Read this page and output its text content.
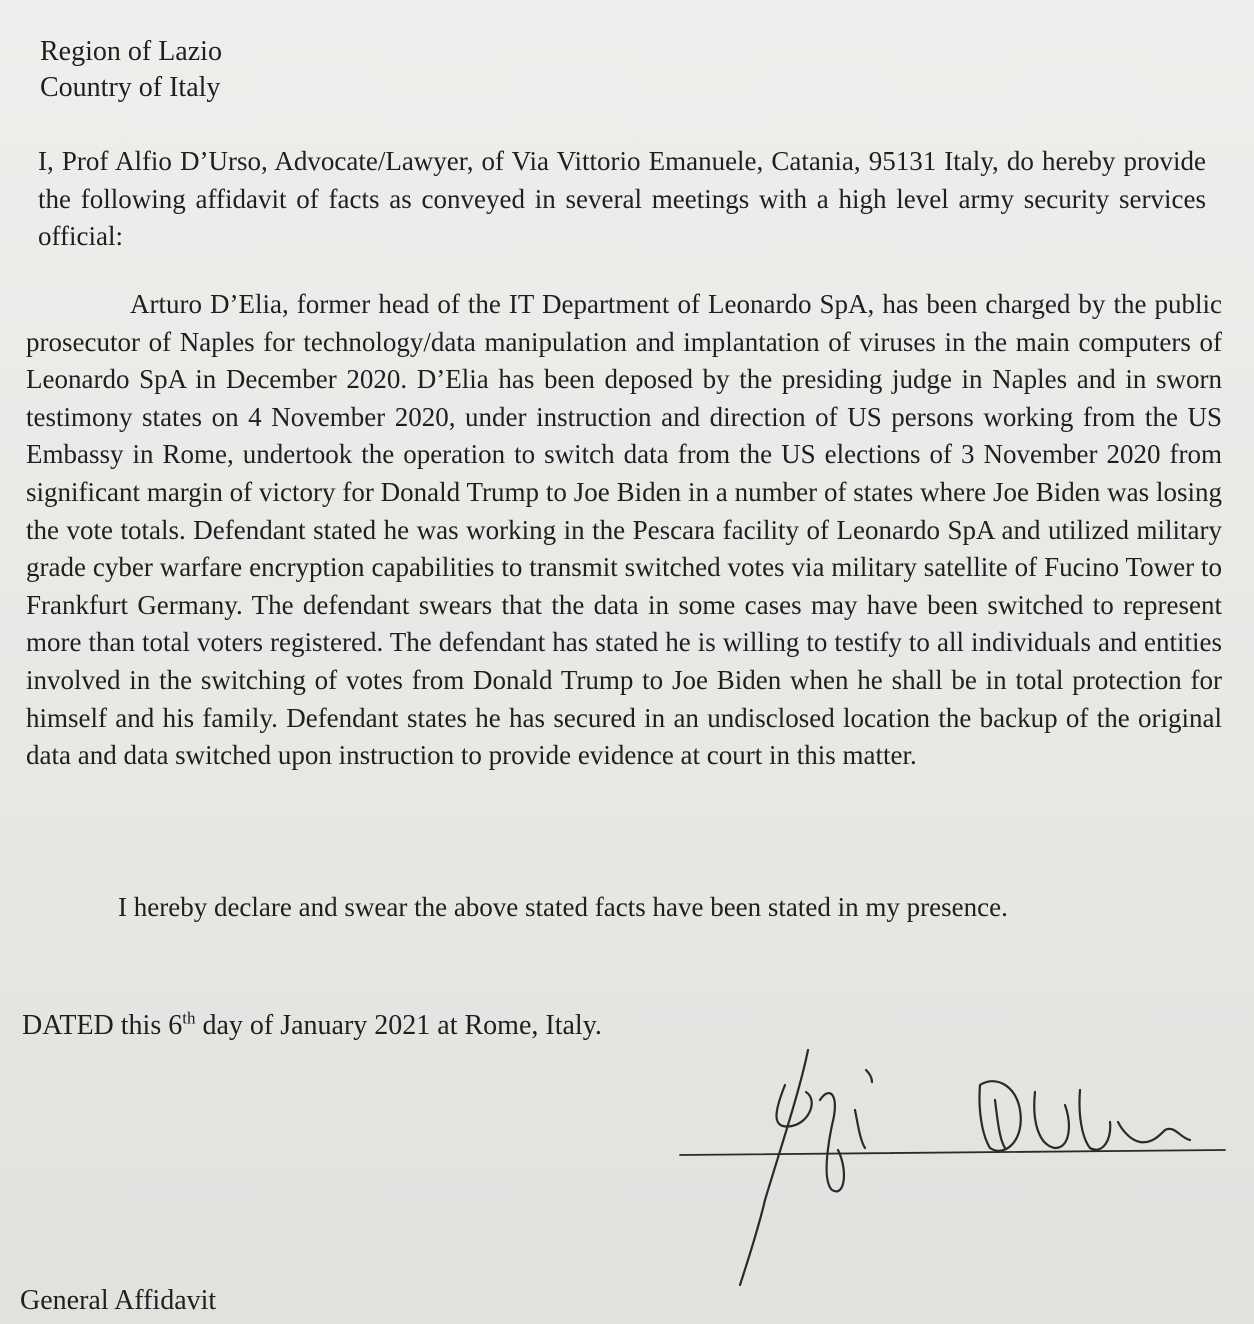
Region of Lazio
Country of Italy

I, Prof Alfio D’Urso, Advocate/Lawyer, of Via Vittorio Emanuele, Catania, 95131 Italy, do hereby provide the following affidavit of facts as conveyed in several meetings with a high level army security services official:

Arturo D’Elia, former head of the IT Department of Leonardo SpA, has been charged by the public prosecutor of Naples for technology/data manipulation and implantation of viruses in the main computers of Leonardo SpA in December 2020. D’Elia has been deposed by the presiding judge in Naples and in sworn testimony states on 4 November 2020, under instruction and direction of US persons working from the US Embassy in Rome, undertook the operation to switch data from the US elections of 3 November 2020 from significant margin of victory for Donald Trump to Joe Biden in a number of states where Joe Biden was losing the vote totals. Defendant stated he was working in the Pescara facility of Leonardo SpA and utilized military grade cyber warfare encryption capabilities to transmit switched votes via military satellite of Fucino Tower to Frankfurt Germany. The defendant swears that the data in some cases may have been switched to represent more than total voters registered. The defendant has stated he is willing to testify to all individuals and entities involved in the switching of votes from Donald Trump to Joe Biden when he shall be in total protection for himself and his family. Defendant states he has secured in an undisclosed location the backup of the original data and data switched upon instruction to provide evidence at court in this matter.

I hereby declare and swear the above stated facts have been stated in my presence.
DATED this 6th day of January 2021 at Rome, Italy.
General Affidavit
